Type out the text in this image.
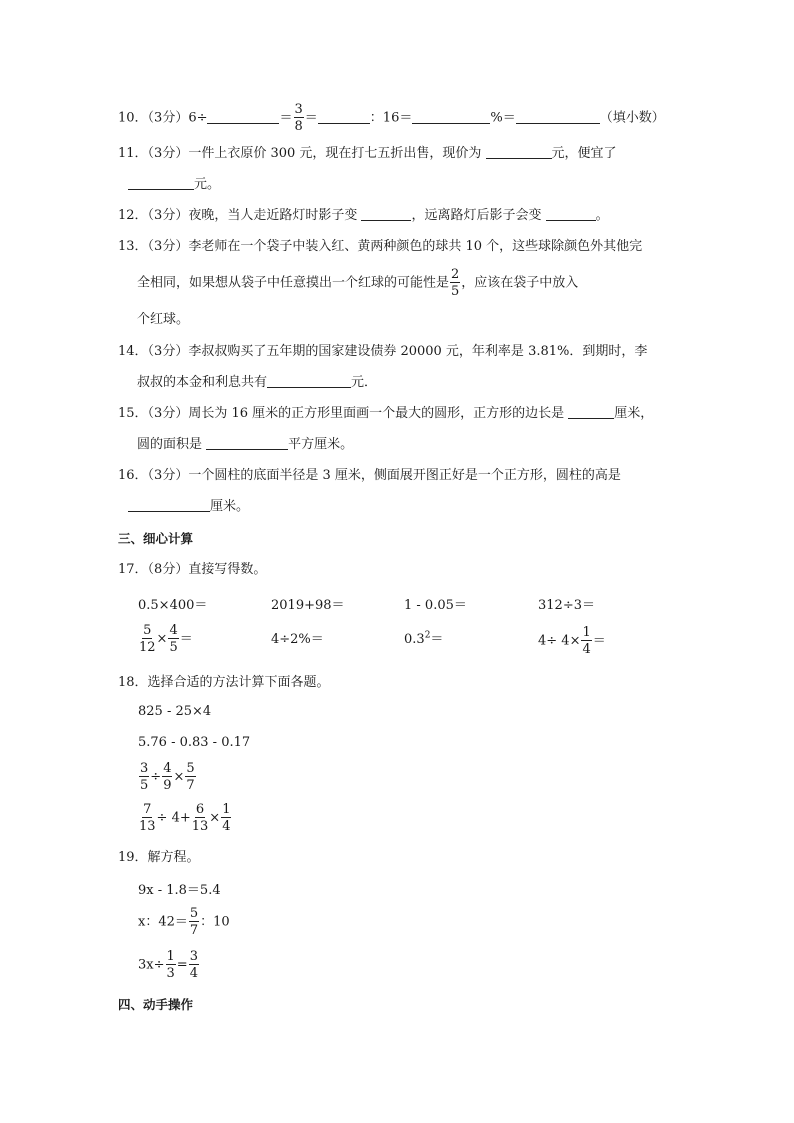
10．（3分）6÷	＝ $\frac{3}{8}$ ＝	：16＝	%＝	（填小数）
11．（3分）一件上衣原价 300 元，现在打七五折出售，现价为	元，便宜了
元。
12．（3分）夜晚，当人走近路灯时影子变	，远离路灯后影子会变	。
13．（3分）李老师在一个袋子中装入红、黄两种颜色的球共 10 个，这些球除颜色外其他完
全相同，如果想从袋子中任意摸出一个红球的可能性是 $\frac{2}{5}$ ，应该在袋子中放入
个红球。
14．（3分）李叔叔购买了五年期的国家建设债券 20000 元，年利率是 3.81%．到期时，李
叔叔的本金和利息共有	元．
15．（3分）周长为 16 厘米的正方形里面画一个最大的圆形，正方形的边长是	厘米，
圆的面积是	平方厘米。
16．（3分）一个圆柱的底面半径是 3 厘米，侧面展开图正好是一个正方形，圆柱的高是
厘米。
三、细心计算
17．（8分）直接写得数。
0.5×400＝	2019+98＝	1 - 0.05＝	312÷3＝
$\frac{5}{12} \times \frac{4}{5}$ ＝	4÷2%＝	$0.3^2=$	$4\div 4\times \frac{1}{4}$ ＝
18．选择合适的方法计算下面各题。
825 - 25×4
5.76 - 0.83 - 0.17
$\frac{3}{5} \div \frac{4}{9} \times \frac{5}{7}$
$\frac{7}{13} \div 4+ \frac{6}{13} \times \frac{1}{4}$
19．解方程。
9x - 1.8＝5.4
x：$42= \frac{5}{7}$ ：10
$3x\div \frac{1}{3} = \frac{3}{4}$
四、动手操作
